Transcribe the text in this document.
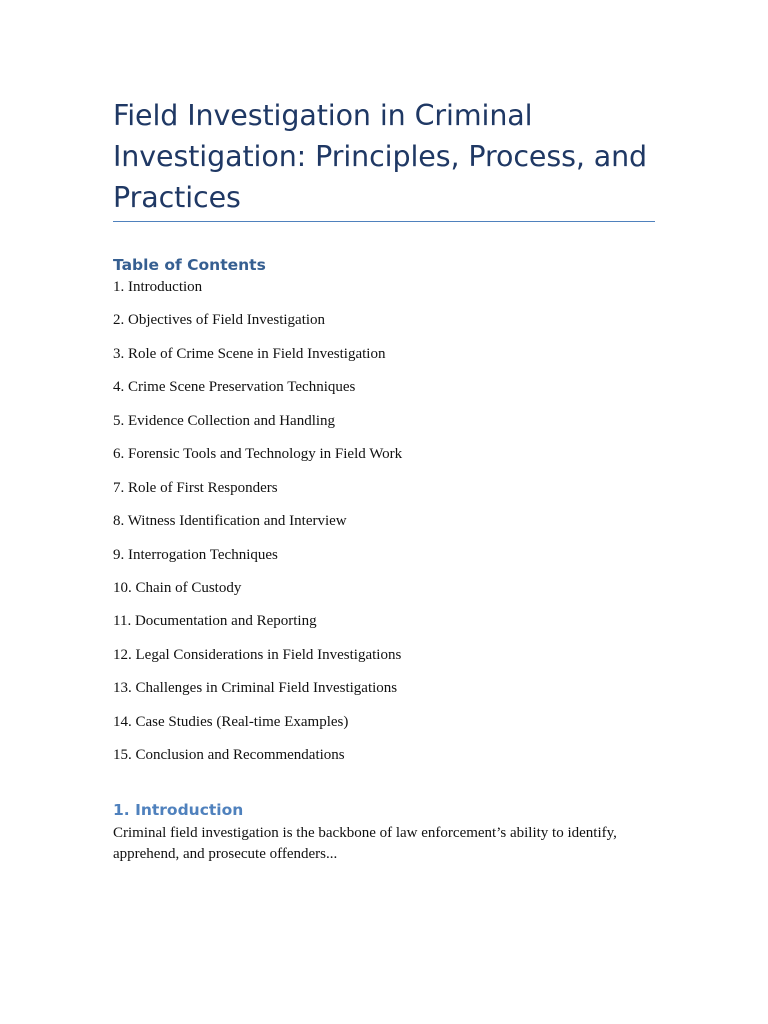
Field Investigation in Criminal Investigation: Principles, Process, and Practices
Table of Contents
1. Introduction
2. Objectives of Field Investigation
3. Role of Crime Scene in Field Investigation
4. Crime Scene Preservation Techniques
5. Evidence Collection and Handling
6. Forensic Tools and Technology in Field Work
7. Role of First Responders
8. Witness Identification and Interview
9. Interrogation Techniques
10. Chain of Custody
11. Documentation and Reporting
12. Legal Considerations in Field Investigations
13. Challenges in Criminal Field Investigations
14. Case Studies (Real-time Examples)
15. Conclusion and Recommendations
1. Introduction

Criminal field investigation is the backbone of law enforcement’s ability to identify, apprehend, and prosecute offenders...
